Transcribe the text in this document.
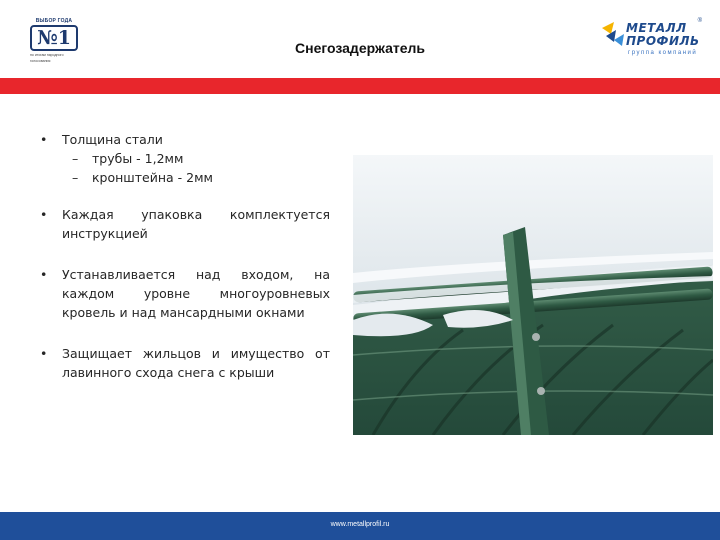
ВЫБОР ГОДА
№1
по итогам народного
голосования
Снегозадержатель
МЕТАЛЛ
ПРОФИЛЬ
группа компаний
®
• Толщина стали
– трубы - 1,2мм
– кронштейна - 2мм
• Каждая упаковка комплектуется инструкцией
• Устанавливается над входом, на каждом уровне многоуровневых кровель и над мансардными окнами
• Защищает жильцов и имущество от лавинного схода снега с крыши
www.metallprofil.ru
